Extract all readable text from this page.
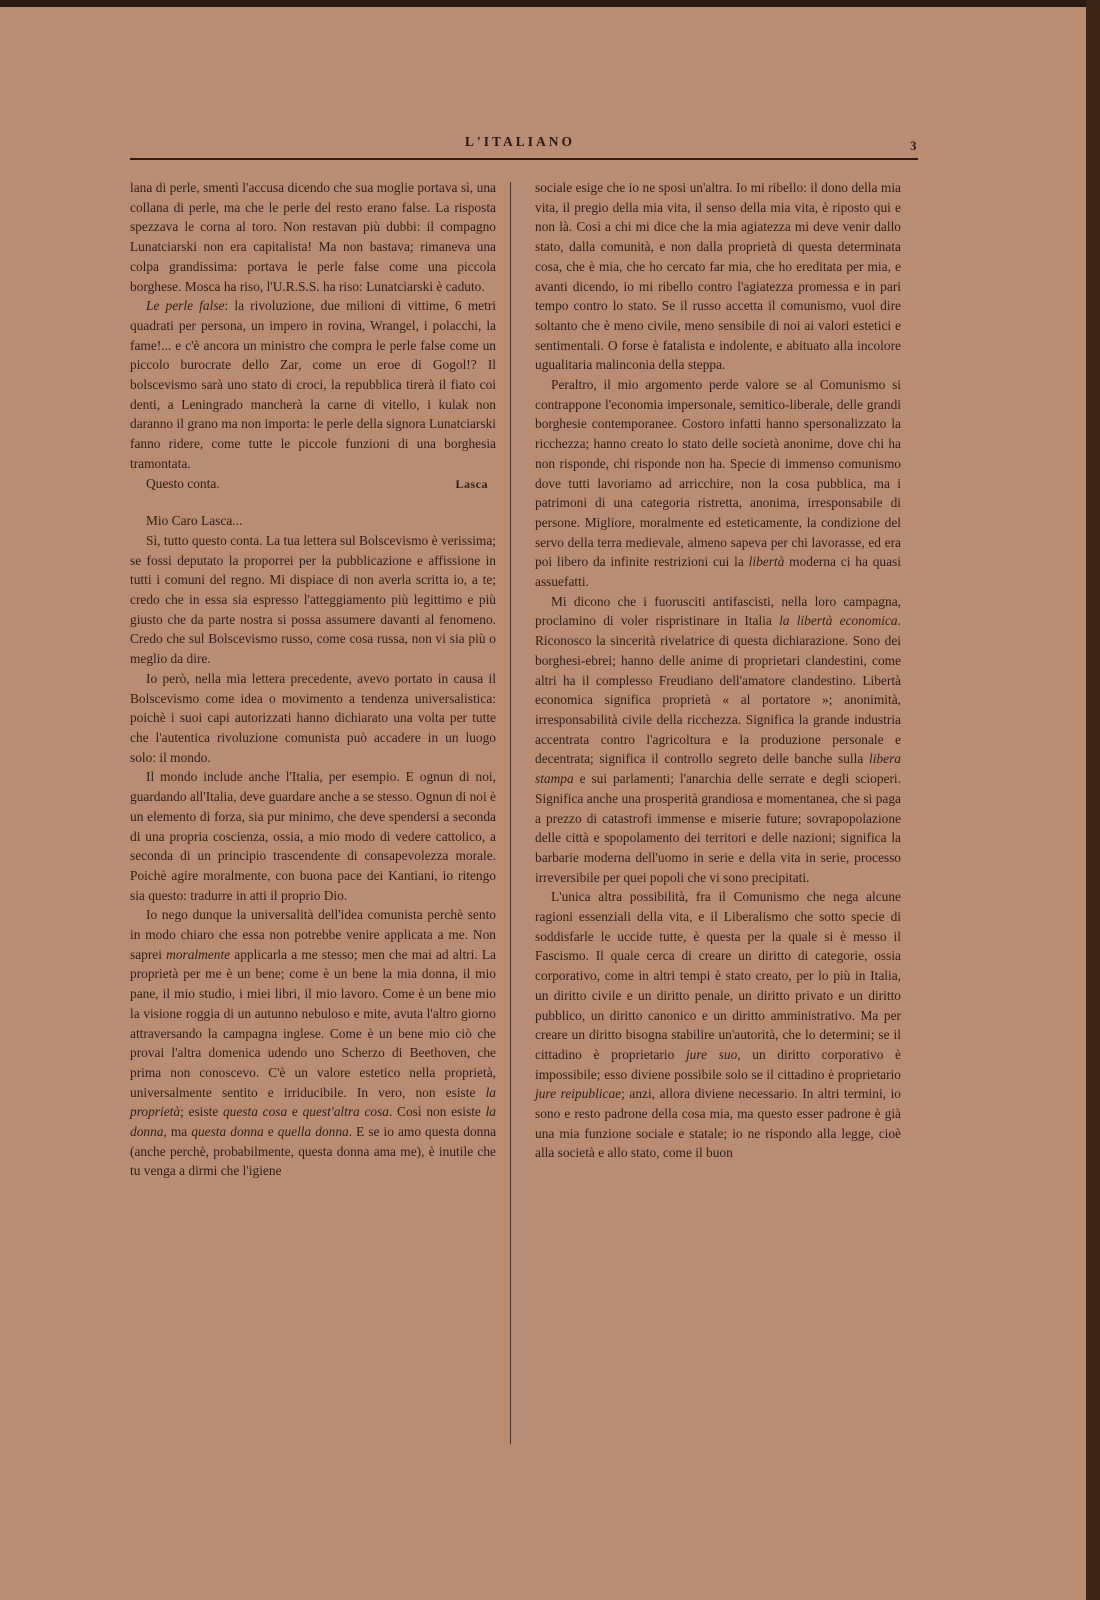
L'ITALIANO	3

lana di perle, smentì l'accusa dicendo che sua moglie portava sì, una collana di perle, ma che le perle del resto erano false. La risposta spezzava le corna al toro. Non restavan più dubbi: il compagno Lunatciarski non era capitalista! Ma non bastava; rimaneva una colpa grandissima: portava le perle false come una piccola borghese. Mosca ha riso, l'U.R.S.S. ha riso: Lunatciarski è caduto.

Le perle false: la rivoluzione, due milioni di vittime, 6 metri quadrati per persona, un impero in rovina, Wrangel, i polacchi, la fame!... e c'è ancora un ministro che compra le perle false come un piccolo burocrate dello Zar, come un eroe di Gogol!? Il bolscevismo sarà uno stato di croci, la repubblica tirerà il fiato coi denti, a Leningrado mancherà la carne di vitello, i kulak non daranno il grano ma non importa: le perle della signora Lunatciarski fanno ridere, come tutte le piccole funzioni di una borghesia tramontata.

Questo conta.	Lasca

Mio Caro Lasca...

Sì, tutto questo conta. La tua lettera sul Bolscevismo è verissima; se fossi deputato la proporrei per la pubblicazione e affissione in tutti i comuni del regno. Mi dispiace di non averla scritta io, a te; credo che in essa sia espresso l'atteggiamento più legittimo e più giusto che da parte nostra si possa assumere davanti al fenomeno. Credo che sul Bolscevismo russo, come cosa russa, non vi sia più o meglio da dire.

Io però, nella mia lettera precedente, avevo portato in causa il Bolscevismo come idea o movimento a tendenza universalistica: poichè i suoi capi autorizzati hanno dichiarato una volta per tutte che l'autentica rivoluzione comunista può accadere in un luogo solo: il mondo.

Il mondo include anche l'Italia, per esempio. E ognun di noi, guardando all'Italia, deve guardare anche a se stesso. Ognun di noi è un elemento di forza, sia pur minimo, che deve spendersi a seconda di una propria coscienza, ossia, a mio modo di vedere cattolico, a seconda di un principio trascendente di consapevolezza morale. Poichè agire moralmente, con buona pace dei Kantiani, io ritengo sia questo: tradurre in atti il proprio Dio.

Io nego dunque la universalità dell'idea comunista perchè sento in modo chiaro che essa non potrebbe venire applicata a me. Non saprei moralmente applicarla a me stesso; men che mai ad altri. La proprietà per me è un bene; come è un bene la mia donna, il mio pane, il mio studio, i miei libri, il mio lavoro. Come è un bene mio la visione roggia di un autunno nebuloso e mite, avuta l'altro giorno attraversando la campagna inglese. Come è un bene mio ciò che provai l'altra domenica udendo uno Scherzo di Beethoven, che prima non conoscevo. C'è un valore estetico nella proprietà, universalmente sentito e irriducibile. In vero, non esiste la proprietà; esiste questa cosa e quest'altra cosa. Così non esiste la donna, ma questa donna e quella donna. E se io amo questa donna (anche perchè, probabilmente, questa donna ama me), è inutile che tu venga a dirmi che l'igiene

sociale esige che io ne sposi un'altra. Io mi ribello: il dono della mia vita, il pregio della mia vita, il senso della mia vita, è riposto qui e non là. Così a chi mi dice che la mia agiatezza mi deve venir dallo stato, dalla comunità, e non dalla proprietà di questa determinata cosa, che è mia, che ho cercato far mia, che ho ereditata per mia, e avanti dicendo, io mi ribello contro l'agiatezza promessa e in pari tempo contro lo stato. Se il russo accetta il comunismo, vuol dire soltanto che è meno civile, meno sensibile di noi ai valori estetici e sentimentali. O forse è fatalista e indolente, e abituato alla incolore ugualitaria malinconia della steppa.

Peraltro, il mio argomento perde valore se al Comunismo si contrappone l'economia impersonale, semitico-liberale, delle grandi borghesie contemporanee. Costoro infatti hanno spersonalizzato la ricchezza; hanno creato lo stato delle società anonime, dove chi ha non risponde, chi risponde non ha. Specie di immenso comunismo dove tutti lavoriamo ad arricchire, non la cosa pubblica, ma i patrimoni di una categoria ristretta, anonima, irresponsabile di persone. Migliore, moralmente ed esteticamente, la condizione del servo della terra medievale, almeno sapeva per chi lavorasse, ed era poi libero da infinite restrizioni cui la libertà moderna ci ha quasi assuefatti.

Mi dicono che i fuorusciti antifascisti, nella loro campagna, proclamino di voler rispristinare in Italia la libertà economica. Riconosco la sincerità rivelatrice di questa dichiarazione. Sono dei borghesi-ebrei; hanno delle anime di proprietari clandestini, come altri ha il complesso Freudiano dell'amatore clandestino. Libertà economica significa proprietà « al portatore »; anonimità, irresponsabilità civile della ricchezza. Significa la grande industria accentrata contro l'agricoltura e la produzione personale e decentrata; significa il controllo segreto delle banche sulla libera stampa e sui parlamenti; l'anarchia delle serrate e degli scioperi. Significa anche una prosperità grandiosa e momentanea, che si paga a prezzo di catastrofi immense e miserie future; sovrapopolazione delle città e spopolamento dei territori e delle nazioni; significa la barbarie moderna dell'uomo in serie e della vita in serie, processo irreversibile per quei popoli che vi sono precipitati.

L'unica altra possibilità, fra il Comunismo che nega alcune ragioni essenziali della vita, e il Liberalismo che sotto specie di soddisfarle le uccide tutte, è questa per la quale si è messo il Fascismo. Il quale cerca di creare un diritto di categorie, ossia corporativo, come in altri tempi è stato creato, per lo più in Italia, un diritto civile e un diritto penale, un diritto privato e un diritto pubblico, un diritto canonico e un diritto amministrativo. Ma per creare un diritto bisogna stabilire un'autorità, che lo determini; se il cittadino è proprietario jure suo, un diritto corporativo è impossibile; esso diviene possibile solo se il cittadino è proprietario jure reipublicae; anzi, allora diviene necessario. In altri termini, io sono e resto padrone della cosa mia, ma questo esser padrone è già una mia funzione sociale e statale; io ne rispondo alla legge, cioè alla società e allo stato, come il buon
